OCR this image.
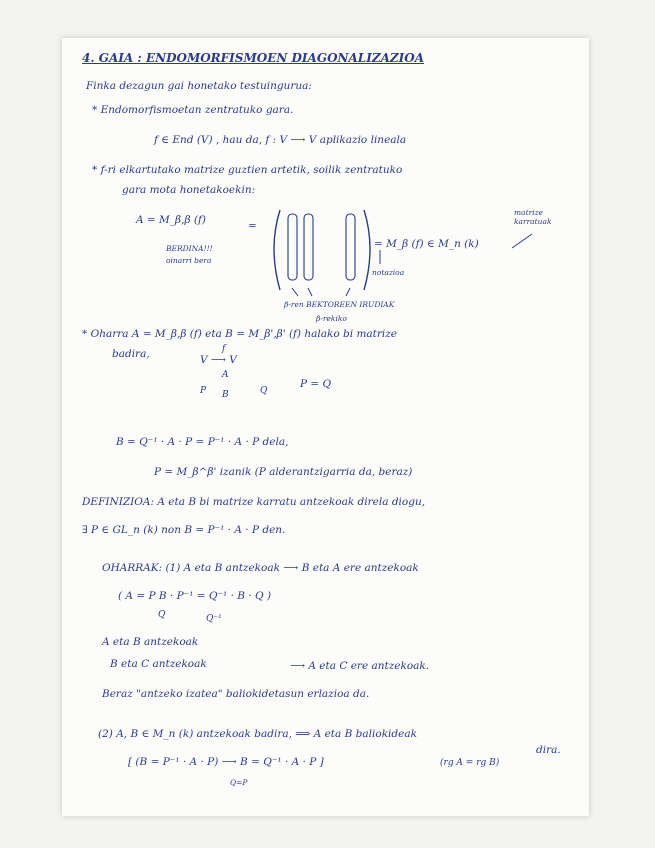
4. GAIA : ENDOMORFISMOEN DIAGONALIZAZIOA
Finka dezagun gai honetako testuingurua:
* Endomorfismoetan zentratuko gara.
f ∈ End (V) , hau da, f : V ⟶ V aplikazio lineala
* f-ri elkartutako matrize guztien artetik, soilik zentratuko
gara mota honetakoekin:
A = M_β,β (f)
BERDINA!!!
oinarri bera
=
= M_β (f) ∈ M_n (k)
notazioa
matrize karratuak
β-ren BEKTOREEN IRUDIAK
β-rekiko
* Oharra A = M_β,β (f) eta B = M_β',β' (f) halako bi matrize
badira,	V ⟶ V
f
A
B
P	Q
P = Q
B = Q⁻¹ · A · P = P⁻¹ · A · P dela,
P = M_β^β' izanik (P alderantzigarria da, beraz)
DEFINIZIOA: A eta B bi matrize karratu antzekoak direla diogu,
∃ P ∈ GL_n (k) non B = P⁻¹ · A · P den.
OHARRAK: (1) A eta B antzekoak ⟶ B eta A ere antzekoak
( A = P B · P⁻¹ = Q⁻¹ · B · Q )
Q	Q⁻¹
A eta B antzekoak
B eta C antzekoak	⟶ A eta C ere antzekoak.
Beraz "antzeko izatea" baliokidetasun erlazioa da.
(2) A, B ∈ M_n (k) antzekoak badira, ⟹ A eta B baliokideak
dira.
[ (B = P⁻¹ · A · P) ⟶ B = Q⁻¹ · A · P ]	(rg A = rg B)
Q=P
